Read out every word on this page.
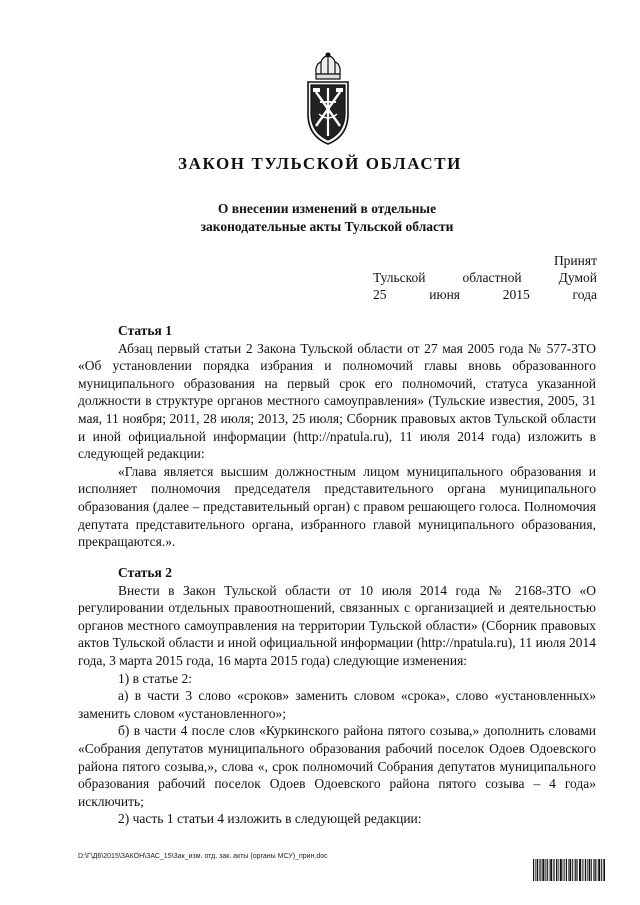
ЗАКОН ТУЛЬСКОЙ ОБЛАСТИ
О внесении изменений в отдельные
законодательные акты Тульской области
Принят
Тульской	областной	Думой
25	июня	2015	года
Статья 1

Абзац первый статьи 2 Закона Тульской области от 27 мая 2005 года № 577-ЗТО «Об установлении порядка избрания и полномочий главы вновь образованного муниципального образования на первый срок его полномочий, статуса указанной должности в структуре органов местного самоуправления» (Тульские известия, 2005, 31 мая, 11 ноября; 2011, 28 июля; 2013, 25 июля; Сборник правовых актов Тульской области и иной официальной информации (http://npatula.ru), 11 июля 2014 года) изложить в следующей редакции:

«Глава является высшим должностным лицом муниципального образования и исполняет полномочия председателя представительного органа муниципального образования (далее – представительный орган) с правом решающего голоса. Полномочия депутата представительного органа, избранного главой муниципального образования, прекращаются.».

Статья 2

Внести в Закон Тульской области от 10 июля 2014 года № 2168-ЗТО «О регулировании отдельных правоотношений, связанных с организацией и деятельностью органов местного самоуправления на территории Тульской области» (Сборник правовых актов Тульской области и иной официальной информации (http://npatula.ru), 11 июля 2014 года, 3 марта 2015 года, 16 марта 2015 года) следующие изменения:

1) в статье 2:

а) в части 3 слово «сроков» заменить словом «срока», слово «установленных» заменить словом «установленного»;

б) в части 4 после слов «Куркинского района пятого созыва,» дополнить словами «Собрания депутатов муниципального образования рабочий поселок Одоев Одоевского района пятого созыва,», слова «, срок полномочий Собрания депутатов муниципального образования рабочий поселок Одоев Одоевского района пятого созыва – 4 года» исключить;

2) часть 1 статьи 4 изложить в следующей редакции:

D:\Г\Д6\2015\ЗАКОН\ЗАС_15\Зак_изм. отд. зак. акты (органы МСУ)_прин.doc
